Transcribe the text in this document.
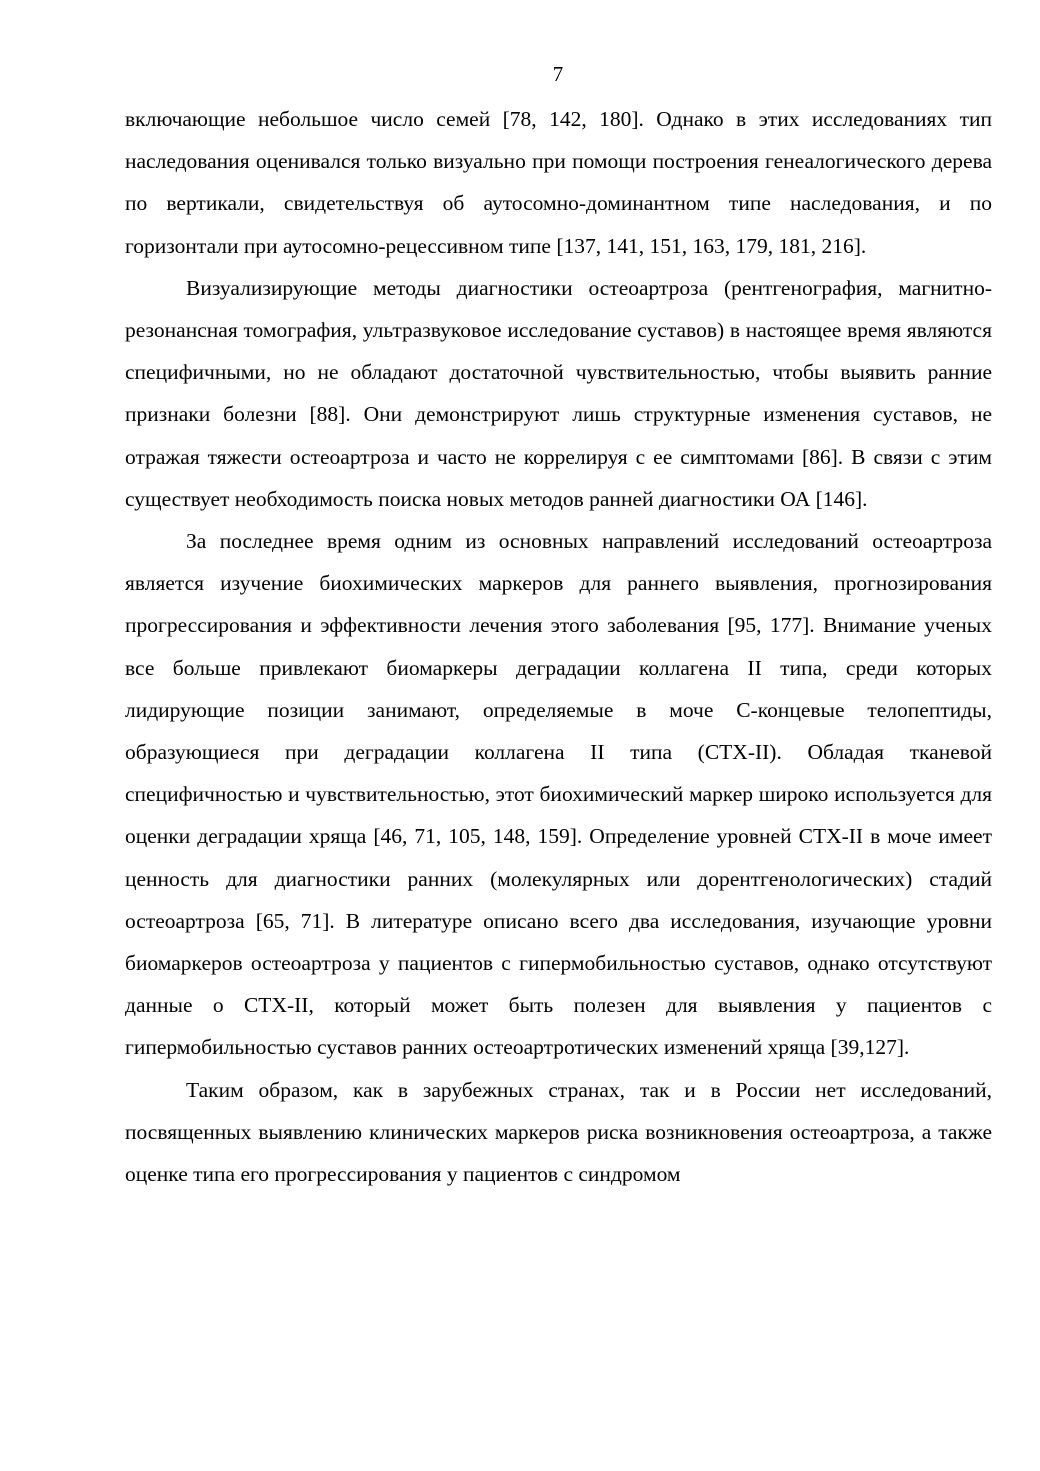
7

включающие небольшое число семей [78, 142, 180]. Однако в этих исследованиях тип наследования оценивался только визуально при помощи построения генеалогического дерева по вертикали, свидетельствуя об аутосомно-доминантном типе наследования, и по горизонтали при аутосомно-рецессивном типе [137, 141, 151, 163, 179, 181, 216].

Визуализирующие методы диагностики остеоартроза (рентгенография, магнитно-резонансная томография, ультразвуковое исследование суставов) в настоящее время являются специфичными, но не обладают достаточной чувствительностью, чтобы выявить ранние признаки болезни [88]. Они демонстрируют лишь структурные изменения суставов, не отражая тяжести остеоартроза и часто не коррелируя с ее симптомами [86]. В связи с этим существует необходимость поиска новых методов ранней диагностики ОА [146].

За последнее время одним из основных направлений исследований остеоартроза является изучение биохимических маркеров для раннего выявления, прогнозирования прогрессирования и эффективности лечения этого заболевания [95, 177]. Внимание ученых все больше привлекают биомаркеры деградации коллагена II типа, среди которых лидирующие позиции занимают, определяемые в моче С-концевые телопептиды, образующиеся при деградации коллагена II типа (CTX-II). Обладая тканевой специфичностью и чувствительностью, этот биохимический маркер широко используется для оценки деградации хряща [46, 71, 105, 148, 159]. Определение уровней CTX-II в моче имеет ценность для диагностики ранних (молекулярных или дорентгенологических) стадий остеоартроза [65, 71]. В литературе описано всего два исследования, изучающие уровни биомаркеров остеоартроза у пациентов с гипермобильностью суставов, однако отсутствуют данные о CTX-II, который может быть полезен для выявления у пациентов с гипермобильностью суставов ранних остеоартротических изменений хряща [39,127].

Таким образом, как в зарубежных странах, так и в России нет исследований, посвященных выявлению клинических маркеров риска возникновения остеоартроза, а также оценке типа его прогрессирования у пациентов с синдромом
